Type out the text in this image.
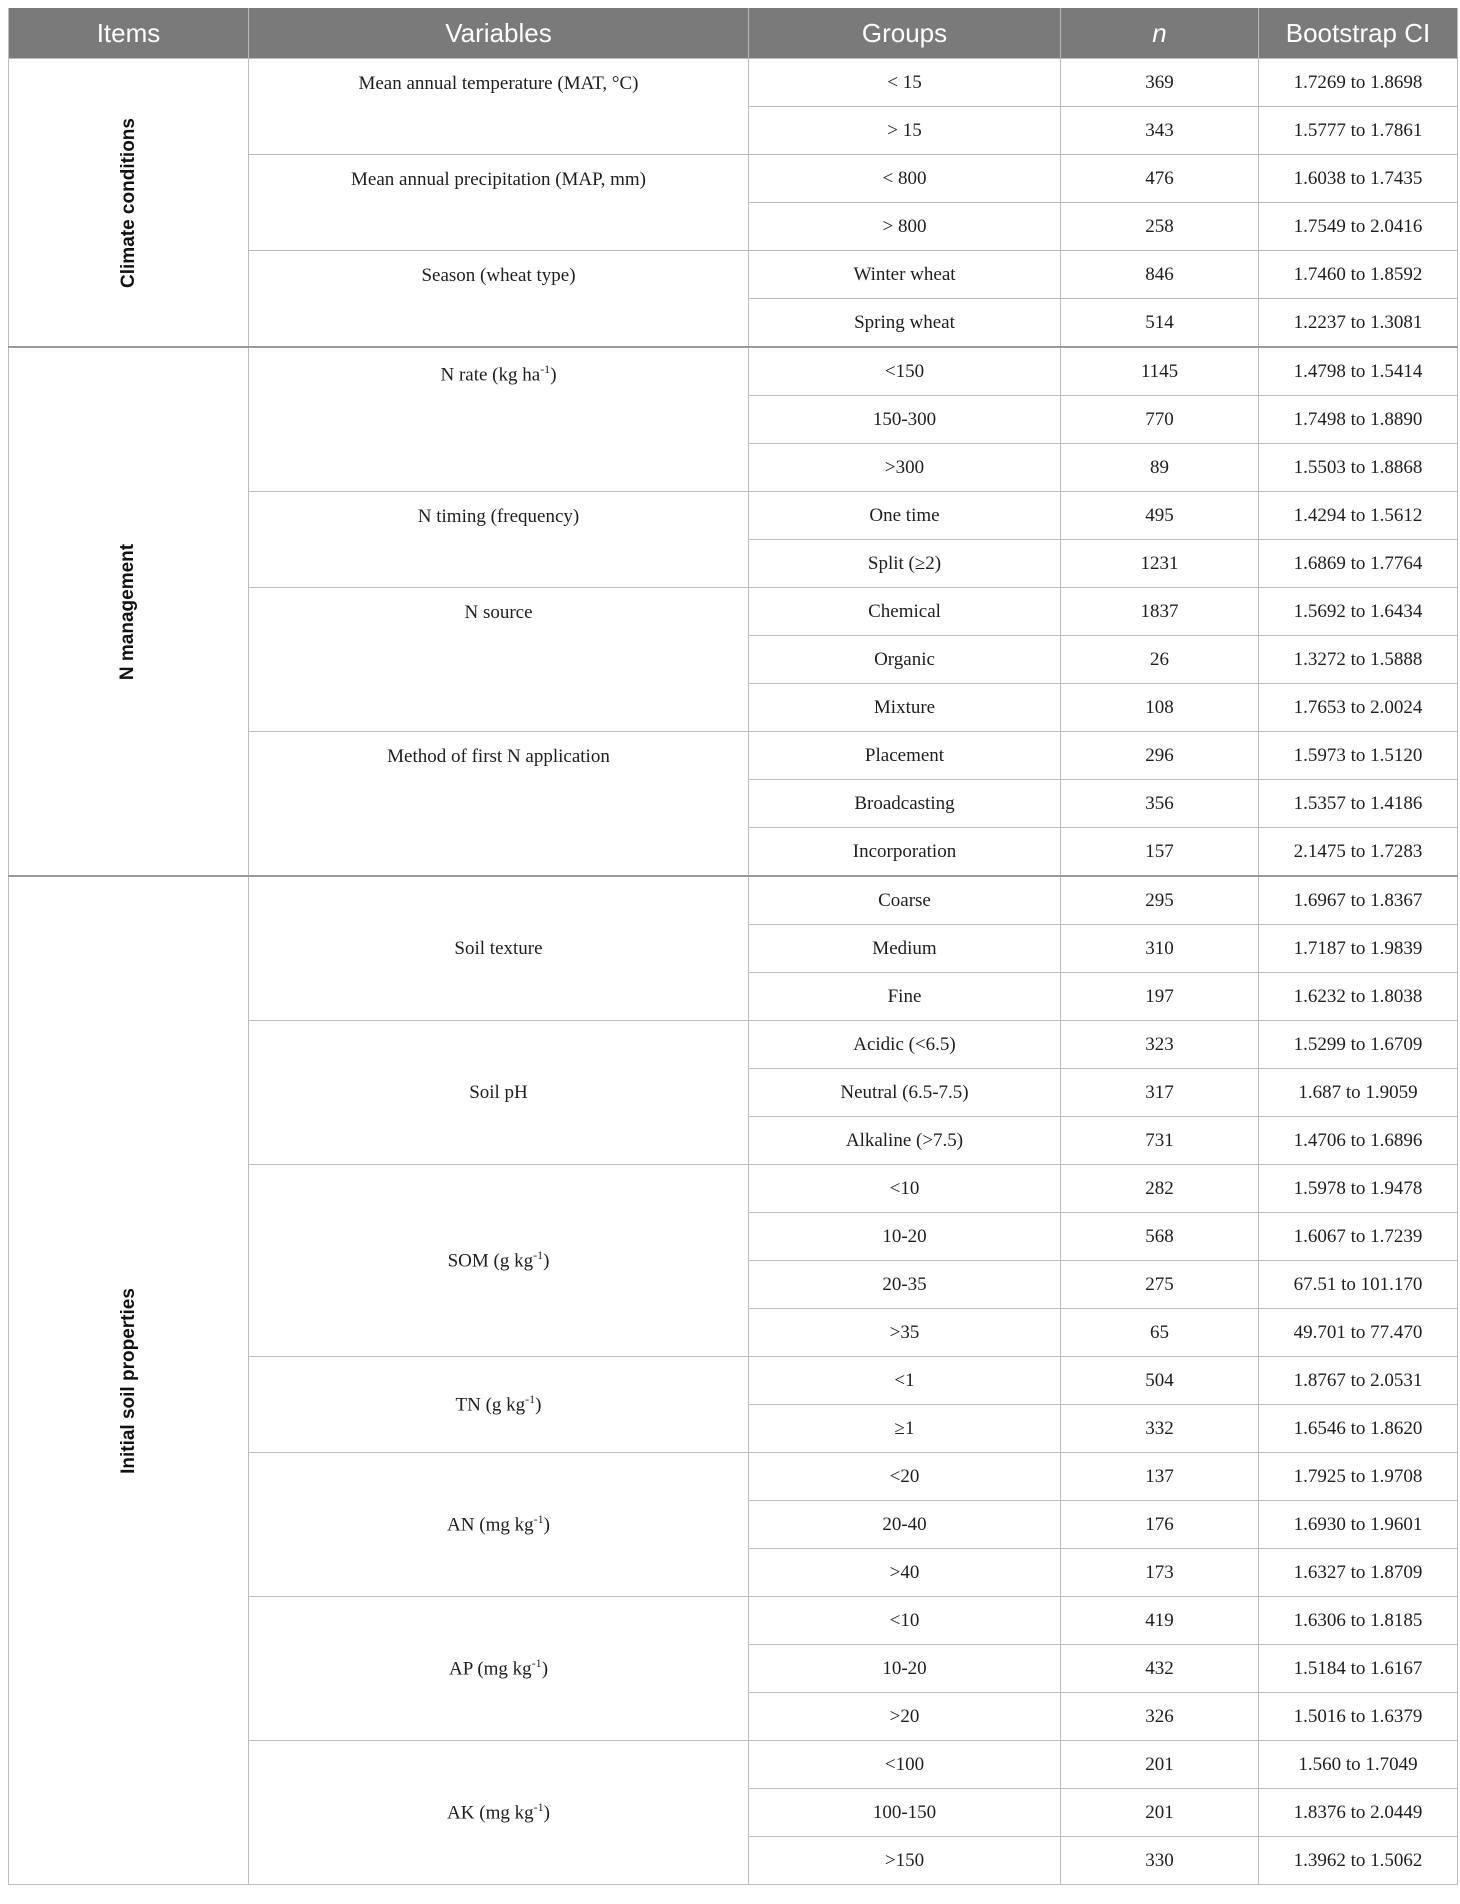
Items	Variables	Groups	n	Bootstrap CI
Climate conditions	Mean annual temperature (MAT, °C)	< 15	369	1.7269 to 1.8698
		> 15	343	1.5777 to 1.7861
	Mean annual precipitation (MAP, mm)	< 800	476	1.6038 to 1.7435
		> 800	258	1.7549 to 2.0416
	Season (wheat type)	Winter wheat	846	1.7460 to 1.8592
		Spring wheat	514	1.2237 to 1.3081
N management	N rate (kg $ha^{-1}$)	<150	1145	1.4798 to 1.5414
		150-300	770	1.7498 to 1.8890
		>300	89	1.5503 to 1.8868
	N timing (frequency)	One time	495	1.4294 to 1.5612
		Split (≥2)	1231	1.6869 to 1.7764
	N source	Chemical	1837	1.5692 to 1.6434
		Organic	26	1.3272 to 1.5888
		Mixture	108	1.7653 to 2.0024
	Method of first N application	Placement	296	1.5973 to 1.5120
		Broadcasting	356	1.5357 to 1.4186
		Incorporation	157	2.1475 to 1.7283
Initial soil properties	Soil texture	Coarse	295	1.6967 to 1.8367
		Medium	310	1.7187 to 1.9839
		Fine	197	1.6232 to 1.8038
	Soil pH	Acidic (<6.5)	323	1.5299 to 1.6709
		Neutral (6.5-7.5)	317	1.687 to 1.9059
		Alkaline (>7.5)	731	1.4706 to 1.6896
	SOM (g $kg^{-1}$)	<10	282	1.5978 to 1.9478
		10-20	568	1.6067 to 1.7239
		20-35	275	67.51 to 101.170
		>35	65	49.701 to 77.470
	TN (g $kg^{-1}$)	<1	504	1.8767 to 2.0531
		≥1	332	1.6546 to 1.8620
	AN (mg $kg^{-1}$)	<20	137	1.7925 to 1.9708
		20-40	176	1.6930 to 1.9601
		>40	173	1.6327 to 1.8709
	AP (mg $kg^{-1}$)	<10	419	1.6306 to 1.8185
		10-20	432	1.5184 to 1.6167
		>20	326	1.5016 to 1.6379
	AK (mg $kg^{-1}$)	<100	201	1.560 to 1.7049
		100-150	201	1.8376 to 2.0449
		>150	330	1.3962 to 1.5062
